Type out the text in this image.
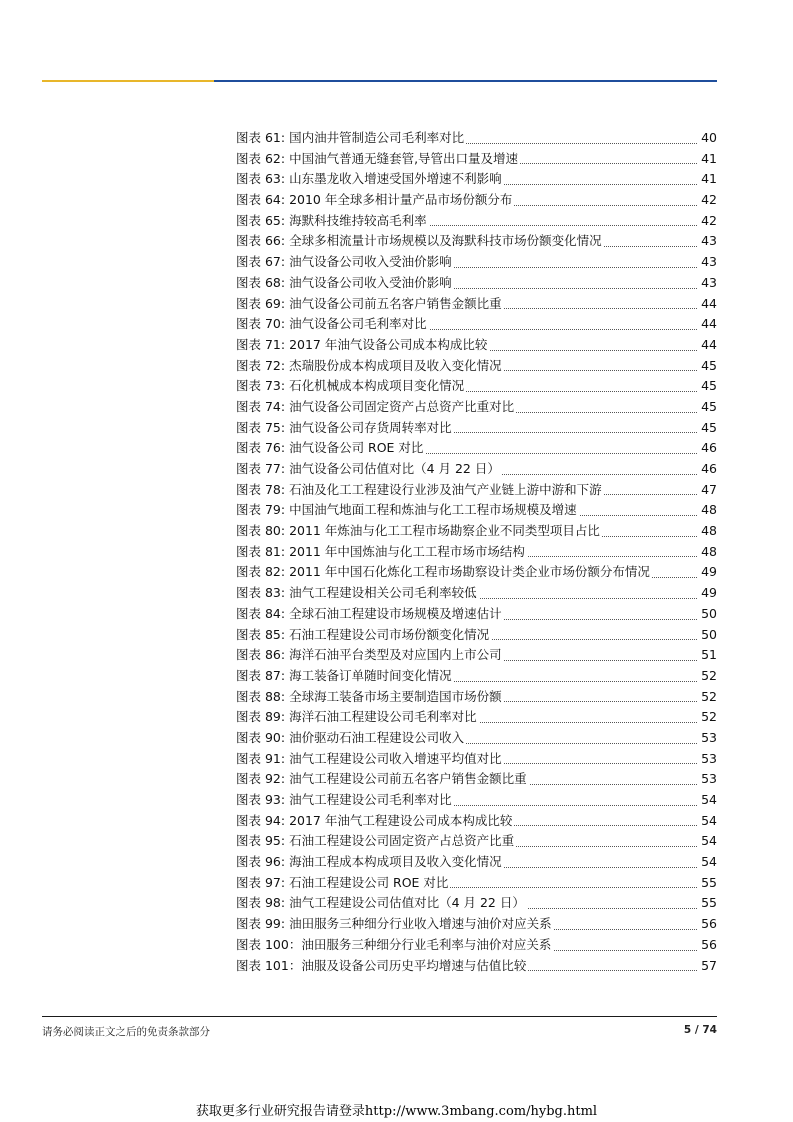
图表 61: 国内油井管制造公司毛利率对比	40
图表 62: 中国油气普通无缝套管,导管出口量及增速	41
图表 63: 山东墨龙收入增速受国外增速不利影响	41
图表 64: 2010 年全球多相计量产品市场份额分布	42
图表 65: 海默科技维持较高毛利率	42
图表 66: 全球多相流量计市场规模以及海默科技市场份额变化情况	43
图表 67: 油气设备公司收入受油价影响	43
图表 68: 油气设备公司收入受油价影响	43
图表 69: 油气设备公司前五名客户销售金额比重	44
图表 70: 油气设备公司毛利率对比	44
图表 71: 2017 年油气设备公司成本构成比较	44
图表 72: 杰瑞股份成本构成项目及收入变化情况	45
图表 73: 石化机械成本构成项目变化情况	45
图表 74: 油气设备公司固定资产占总资产比重对比	45
图表 75: 油气设备公司存货周转率对比	45
图表 76: 油气设备公司 ROE 对比	46
图表 77: 油气设备公司估值对比（4 月 22 日）	46
图表 78: 石油及化工工程建设行业涉及油气产业链上游中游和下游	47
图表 79: 中国油气地面工程和炼油与化工工程市场规模及增速	48
图表 80: 2011 年炼油与化工工程市场勘察企业不同类型项目占比	48
图表 81: 2011 年中国炼油与化工工程市场市场结构	48
图表 82: 2011 年中国石化炼化工程市场勘察设计类企业市场份额分布情况	49
图表 83: 油气工程建设相关公司毛利率较低	49
图表 84: 全球石油工程建设市场规模及增速估计	50
图表 85: 石油工程建设公司市场份额变化情况	50
图表 86: 海洋石油平台类型及对应国内上市公司	51
图表 87: 海工装备订单随时间变化情况	52
图表 88: 全球海工装备市场主要制造国市场份额	52
图表 89: 海洋石油工程建设公司毛利率对比	52
图表 90: 油价驱动石油工程建设公司收入	53
图表 91: 油气工程建设公司收入增速平均值对比	53
图表 92: 油气工程建设公司前五名客户销售金额比重	53
图表 93: 油气工程建设公司毛利率对比	54
图表 94: 2017 年油气工程建设公司成本构成比较	54
图表 95: 石油工程建设公司固定资产占总资产比重	54
图表 96: 海油工程成本构成项目及收入变化情况	54
图表 97: 石油工程建设公司 ROE 对比	55
图表 98: 油气工程建设公司估值对比（4 月 22 日）	55
图表 99: 油田服务三种细分行业收入增速与油价对应关系	56
图表 100：油田服务三种细分行业毛利率与油价对应关系	56
图表 101：油服及设备公司历史平均增速与估值比较	57
请务必阅读正文之后的免责条款部分	5 / 74
获取更多行业研究报告请登录http://www.3mbang.com/hybg.html
